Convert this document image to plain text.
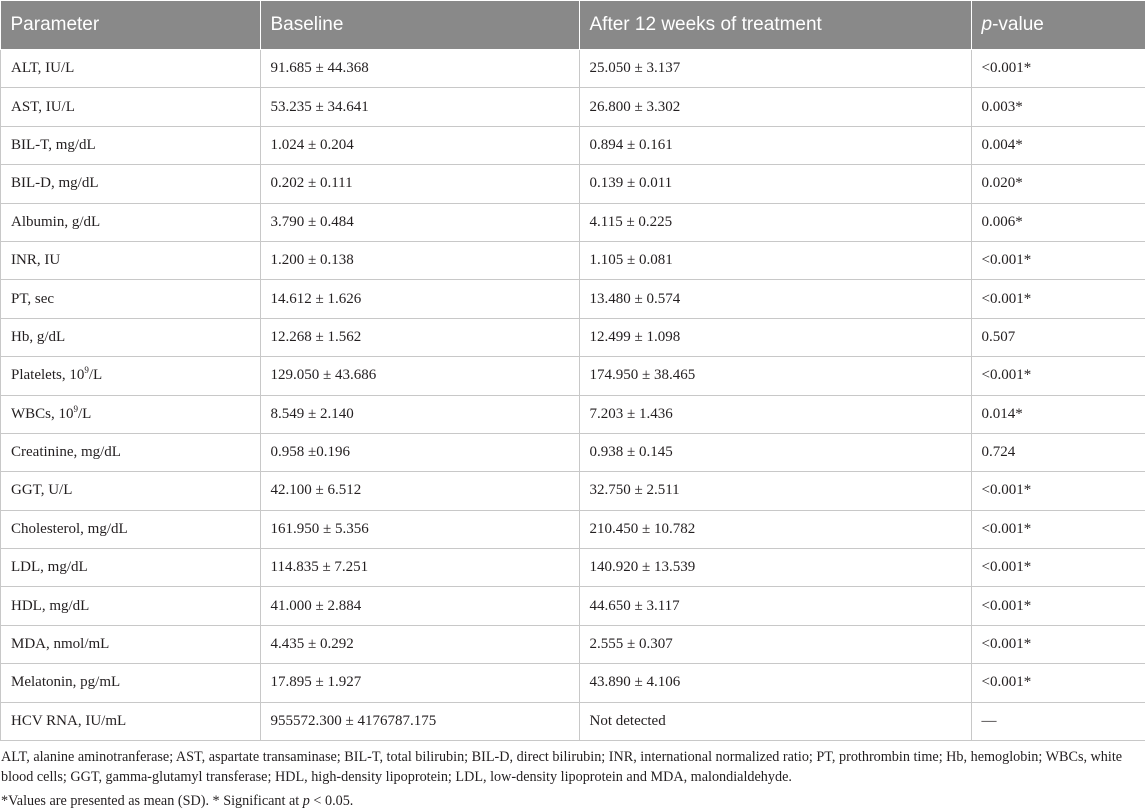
Parameter	Baseline	After 12 weeks of treatment	p-value
ALT, IU/L	91.685 ± 44.368	25.050 ± 3.137	<0.001*
AST, IU/L	53.235 ± 34.641	26.800 ± 3.302	0.003*
BIL-T, mg/dL	1.024 ± 0.204	0.894 ± 0.161	0.004*
BIL-D, mg/dL	0.202 ± 0.111	0.139 ± 0.011	0.020*
Albumin, g/dL	3.790 ± 0.484	4.115 ± 0.225	0.006*
INR, IU	1.200 ± 0.138	1.105 ± 0.081	<0.001*
PT, sec	14.612 ± 1.626	13.480 ± 0.574	<0.001*
Hb, g/dL	12.268 ± 1.562	12.499 ± 1.098	0.507
Platelets, $10^9/L$	129.050 ± 43.686	174.950 ± 38.465	<0.001*
WBCs, $10^9/L$	8.549 ± 2.140	7.203 ± 1.436	0.014*
Creatinine, mg/dL	0.958 ±0.196	0.938 ± 0.145	0.724
GGT, U/L	42.100 ± 6.512	32.750 ± 2.511	<0.001*
Cholesterol, mg/dL	161.950 ± 5.356	210.450 ± 10.782	<0.001*
LDL, mg/dL	114.835 ± 7.251	140.920 ± 13.539	<0.001*
HDL, mg/dL	41.000 ± 2.884	44.650 ± 3.117	<0.001*
MDA, nmol/mL	4.435 ± 0.292	2.555 ± 0.307	<0.001*
Melatonin, pg/mL	17.895 ± 1.927	43.890 ± 4.106	<0.001*
HCV RNA, IU/mL	955572.300 ± 4176787.175	Not detected	—

ALT, alanine aminotranferase; AST, aspartate transaminase; BIL-T, total bilirubin; BIL-D, direct bilirubin; INR, international normalized ratio; PT, prothrombin time; Hb, hemoglobin; WBCs, white blood cells; GGT, gamma-glutamyl transferase; HDL, high-density lipoprotein; LDL, low-density lipoprotein and MDA, malondialdehyde.

*Values are presented as mean (SD). * Significant at p < 0.05.
